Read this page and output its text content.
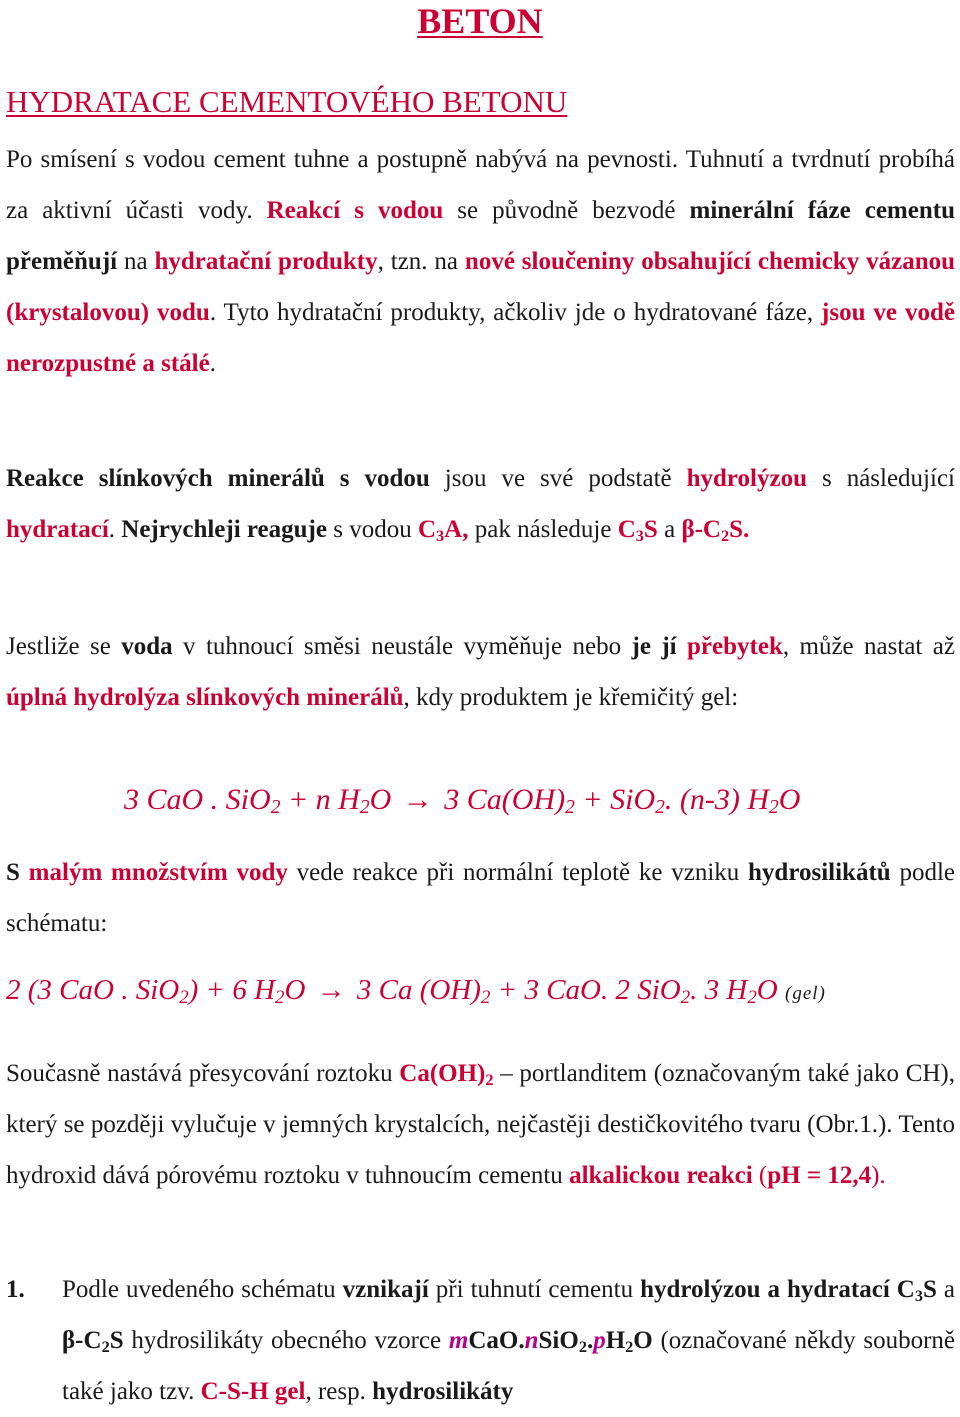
BETON
HYDRATACE CEMENTOVÉHO BETONU

Po smísení s vodou cement tuhne a postupně nabývá na pevnosti. Tuhnutí a tvrdnutí probíhá za aktivní účasti vody. Reakcí s vodou se původně bezvodé minerální fáze cementu přeměňují na hydratační produkty, tzn. na nové sloučeniny obsahující chemicky vázanou (krystalovou) vodu. Tyto hydratační produkty, ačkoliv jde o hydratované fáze, jsou ve vodě nerozpustné a stálé.

Reakce slínkových minerálů s vodou jsou ve své podstatě hydrolýzou s následující hydratací. Nejrychleji reaguje s vodou $C_3A$, pak následuje $C_3S$ a $\beta-C_2S$.

Jestliže se voda v tuhnoucí směsi neustále vyměňuje nebo je jí přebytek, může nastat až úplná hydrolýza slínkových minerálů, kdy produktem je křemičitý gel:

3 CaO . SiO$_2$ + n $H_2O \to 3$ $Ca(OH)_2 + SiO_2$. (n-3) $H_2O$

S malým množstvím vody vede reakce při normální teplotě ke vzniku hydrosilikátů podle schématu:

2 (3 CaO . SiO$_2$) + 6 $H_2O \to 3$ Ca $(OH)_2 + 3$ CaO. 2 SiO$_2$. 3 $H_2O$ (gel)

Současně nastává přesycování roztoku $Ca(OH)_2$ – portlanditem (označovaným také jako CH), který se později vylučuje v jemných krystalcích, nejčastěji destičkovitého tvaru (Obr.1.). Tento hydroxid dává pórovému roztoku v tuhnoucím cementu alkalickou reakci (pH = 12,4).

1. Podle uvedeného schématu vznikají při tuhnutí cementu hydrolýzou a hydratací $C_3S$ a $\beta-C_2S$ hydrosilikáty obecného vzorce $mCaO.nSiO_2.pH_2O$ (označované někdy souborně také jako tzv. C-S-H gel, resp. hydrosilikáty
